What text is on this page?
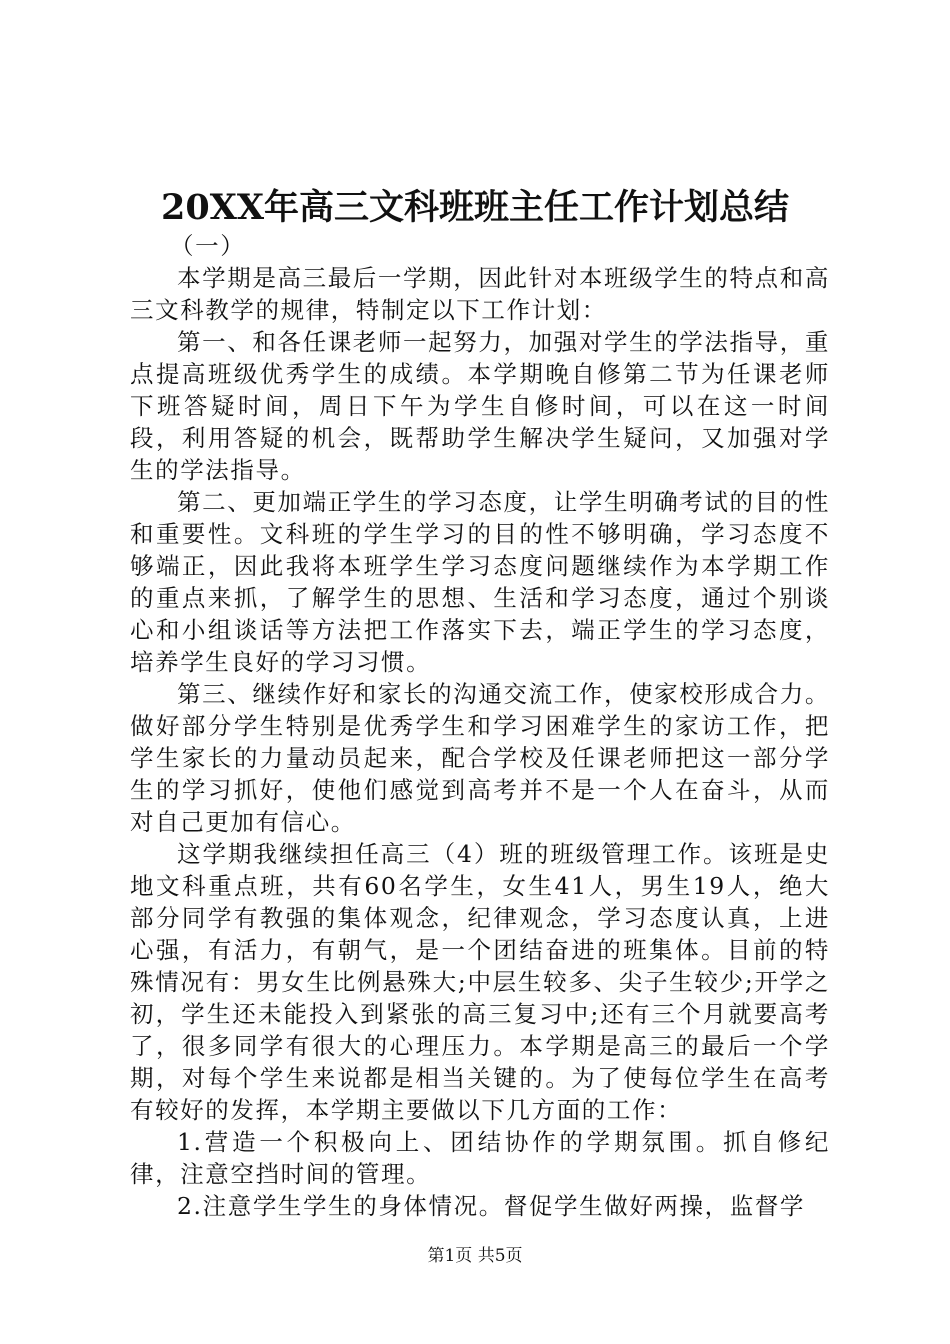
20XX年高三文科班班主任工作计划总结

（一）

本学期是高三最后一学期，因此针对本班级学生的特点和高三文科教学的规律，特制定以下工作计划：

第一、和各任课老师一起努力，加强对学生的学法指导，重点提高班级优秀学生的成绩。本学期晚自修第二节为任课老师下班答疑时间，周日下午为学生自修时间，可以在这一时间段，利用答疑的机会，既帮助学生解决学生疑问，又加强对学生的学法指导。

第二、更加端正学生的学习态度，让学生明确考试的目的性和重要性。文科班的学生学习的目的性不够明确，学习态度不够端正，因此我将本班学生学习态度问题继续作为本学期工作的重点来抓，了解学生的思想、生活和学习态度，通过个别谈心和小组谈话等方法把工作落实下去，端正学生的学习态度，培养学生良好的学习习惯。

第三、继续作好和家长的沟通交流工作，使家校形成合力。做好部分学生特别是优秀学生和学习困难学生的家访工作，把学生家长的力量动员起来，配合学校及任课老师把这一部分学生的学习抓好，使他们感觉到高考并不是一个人在奋斗，从而对自己更加有信心。

这学期我继续担任高三（4）班的班级管理工作。该班是史地文科重点班，共有60名学生，女生41人，男生19人，绝大部分同学有教强的集体观念，纪律观念，学习态度认真，上进心强，有活力，有朝气，是一个团结奋进的班集体。目前的特殊情况有：男女生比例悬殊大;中层生较多、尖子生较少;开学之初，学生还未能投入到紧张的高三复习中;还有三个月就要高考了，很多同学有很大的心理压力。本学期是高三的最后一个学期，对每个学生来说都是相当关键的。为了使每位学生在高考有较好的发挥，本学期主要做以下几方面的工作：

1.营造一个积极向上、团结协作的学期氛围。抓自修纪律，注意空挡时间的管理。

2.注意学生学生的身体情况。督促学生做好两操，监督学

第1页 共5页
